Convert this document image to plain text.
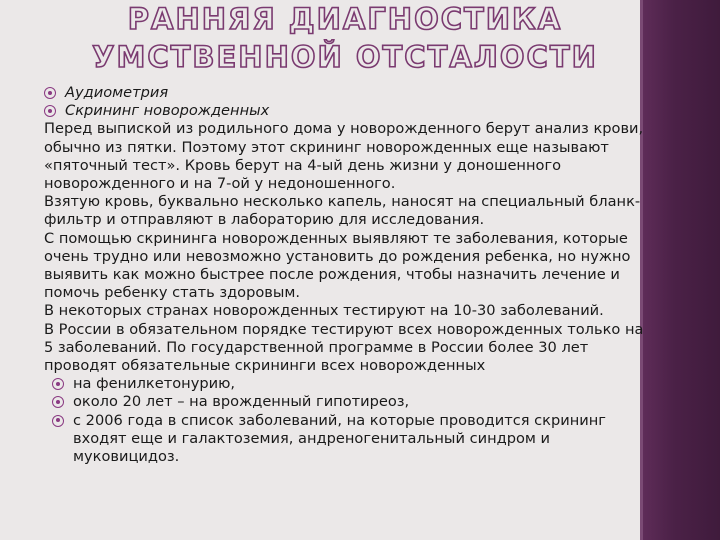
РАННЯЯ ДИАГНОСТИКА
УМСТВЕННОЙ ОТСТАЛОСТИ
Аудиометрия
Скрининг новорожденных

Перед выпиской из родильного дома у новорожденного берут анализ крови, обычно из пятки. Поэтому этот скрининг новорожденных еще называют «пяточный тест». Кровь берут на 4-ый день жизни у доношенного новорожденного и на 7-ой у недоношенного.

Взятую кровь, буквально несколько капель, наносят на специальный бланк-фильтр и отправляют в лабораторию для исследования.

С помощью скрининга новорожденных выявляют те заболевания, которые очень трудно или невозможно установить до рождения ребенка, но нужно выявить как можно быстрее после рождения, чтобы назначить лечение и помочь ребенку стать здоровым.

В некоторых странах новорожденных тестируют на 10-30 заболеваний.

В России в обязательном порядке тестируют всех новорожденных только на 5 заболеваний. По государственной программе в России более 30 лет проводят обязательные скрининги всех новорожденных

на фенилкетонурию,
около 20 лет – на врожденный гипотиреоз,
с 2006 года в список заболеваний, на которые проводится скрининг входят еще и галактоземия, андреногенитальный синдром и муковицидоз.
